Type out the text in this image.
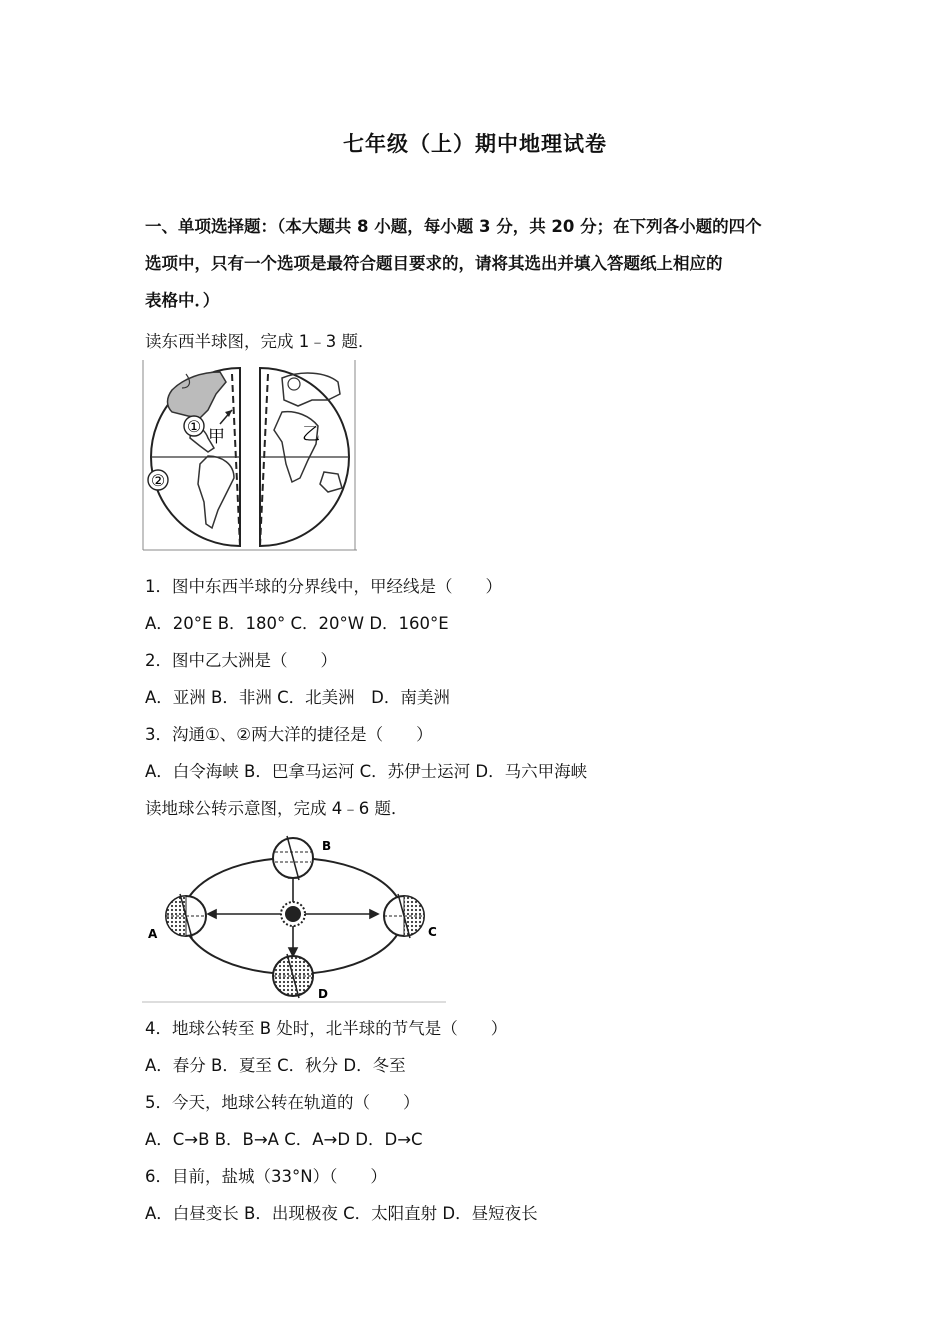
七年级（上）期中地理试卷
一、单项选择题：（本大题共 8 小题，每小题 3 分，共 20 分；在下列各小题的四个
选项中，只有一个选项是最符合题目要求的，请将其选出并填入答题纸上相应的
表格中．）
读东西半球图，完成 1﹣3 题．
①
甲	乙
②
1．图中东西半球的分界线中，甲经线是（　　）
A．20°E B．180° C．20°W D．160°E
2．图中乙大洲是（　　）
A．亚洲 B．非洲 C．北美洲　D．南美洲
3．沟通①、②两大洋的捷径是（　　）
A．白令海峡 B．巴拿马运河 C．苏伊士运河 D．马六甲海峡
读地球公转示意图，完成 4﹣6 题．
A
B
C
D
4．地球公转至 B 处时，北半球的节气是（　　）
A．春分 B．夏至 C．秋分 D．冬至
5．今天，地球公转在轨道的（　　）
A．C→B B．B→A C．A→D D．D→C
6．目前，盐城（33°N）（　　）
A．白昼变长 B．出现极夜 C．太阳直射 D．昼短夜长
